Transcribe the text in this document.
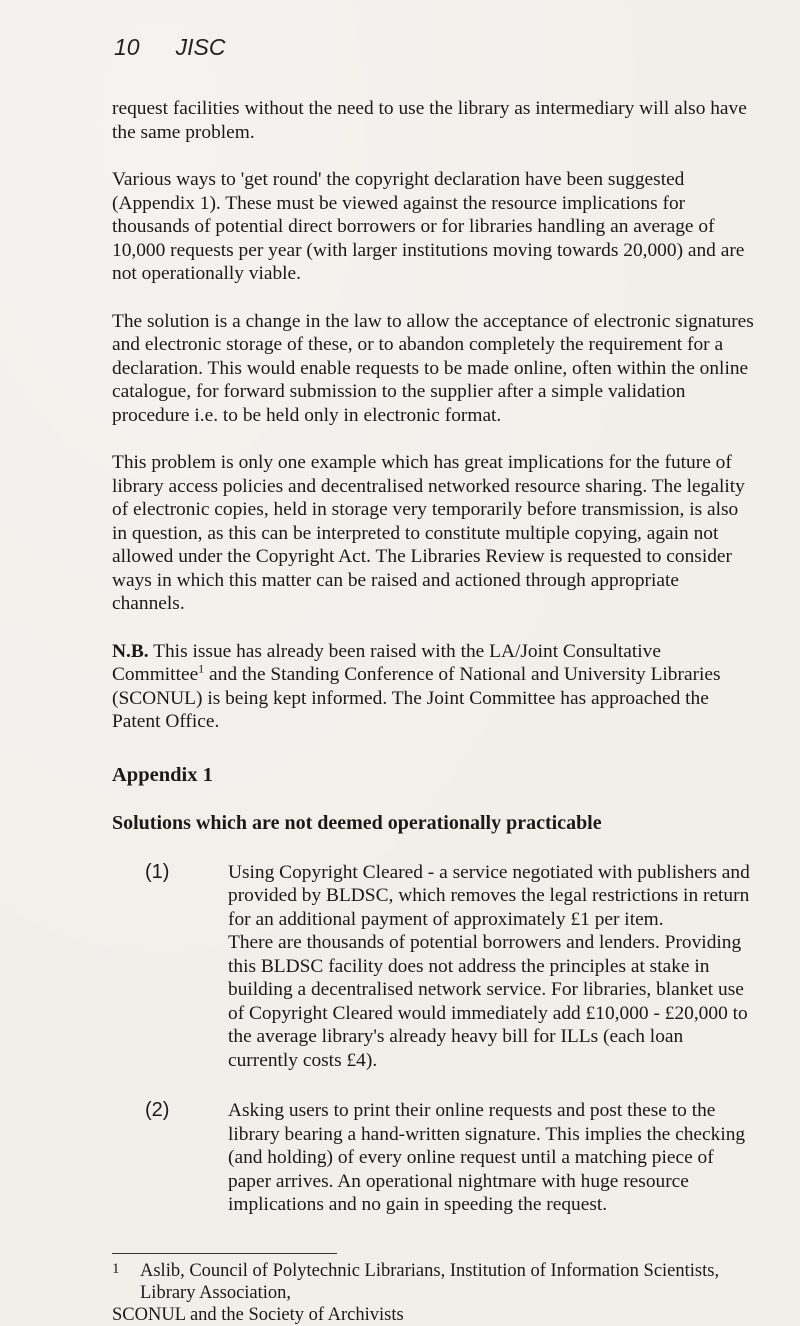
10 JISC

request facilities without the need to use the library as intermediary will also have the same problem.

Various ways to 'get round' the copyright declaration have been suggested (Appendix 1). These must be viewed against the resource implications for thousands of potential direct borrowers or for libraries handling an average of 10,000 requests per year (with larger institutions moving towards 20,000) and are not operationally viable.

The solution is a change in the law to allow the acceptance of electronic signatures and electronic storage of these, or to abandon completely the requirement for a declaration. This would enable requests to be made online, often within the online catalogue, for forward submission to the supplier after a simple validation procedure i.e. to be held only in electronic format.

This problem is only one example which has great implications for the future of library access policies and decentralised networked resource sharing. The legality of electronic copies, held in storage very temporarily before transmission, is also in question, as this can be interpreted to constitute multiple copying, again not allowed under the Copyright Act. The Libraries Review is requested to consider ways in which this matter can be raised and actioned through appropriate channels.

N.B. This issue has already been raised with the LA/Joint Consultative Committee$^1$ and the Standing Conference of National and University Libraries (SCONUL) is being kept informed. The Joint Committee has approached the Patent Office.

Appendix 1

Solutions which are not deemed operationally practicable

(1)	Using Copyright Cleared - a service negotiated with publishers and provided by BLDSC, which removes the legal restrictions in return for an additional payment of approximately £1 per item.

There are thousands of potential borrowers and lenders. Providing this BLDSC facility does not address the principles at stake in building a decentralised network service. For libraries, blanket use of Copyright Cleared would immediately add £10,000 - £20,000 to the average library's already heavy bill for ILLs (each loan currently costs £4).

(2)	Asking users to print their online requests and post these to the library bearing a hand-written signature. This implies the checking (and holding) of every online request until a matching piece of paper arrives. An operational nightmare with huge resource implications and no gain in speeding the request.

1	Aslib, Council of Polytechnic Librarians, Institution of Information Scientists, Library Association,
SCONUL and the Society of Archivists
